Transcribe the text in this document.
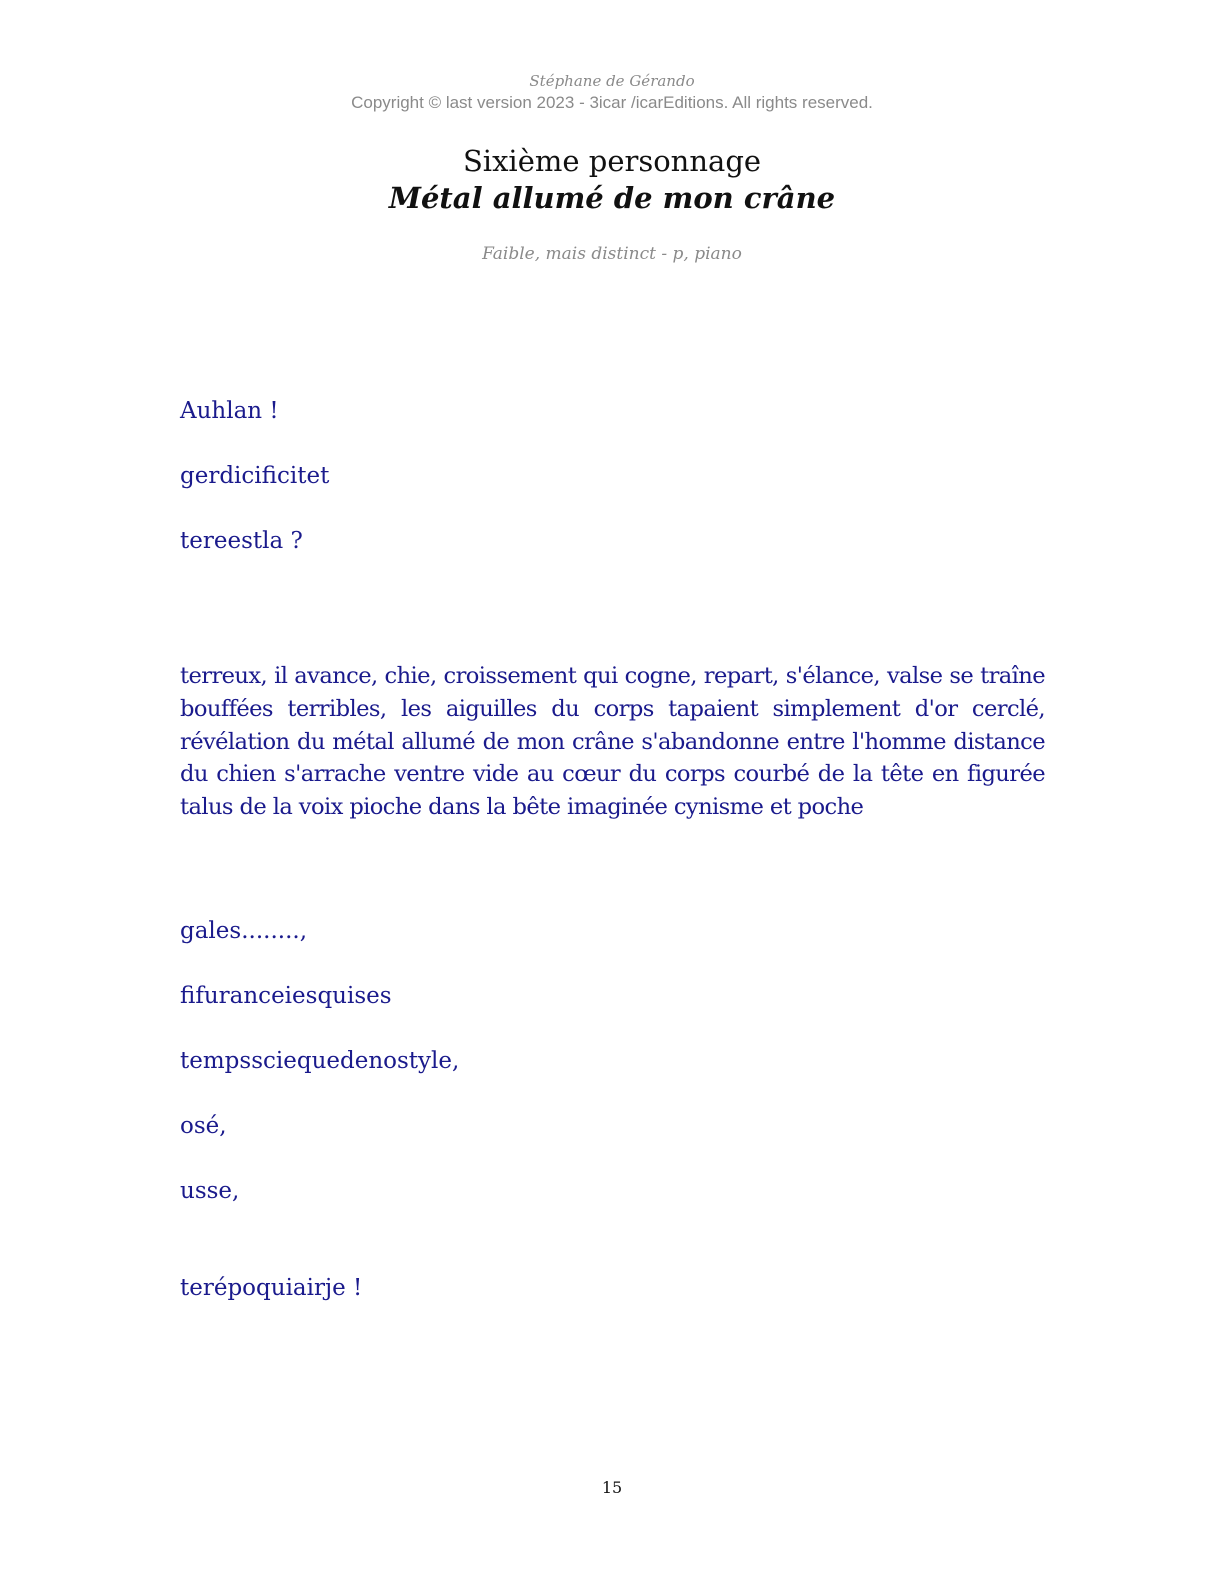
Stéphane de Gérando
Copyright © last version 2023 - 3icar /icarEditions. All rights reserved.
Sixième personnage
Métal allumé de mon crâne
Faible, mais distinct - p, piano
Auhlan !
gerdicificitet
tereestla ?
terreux, il avance, chie, croissement qui cogne, repart, s'élance, valse se traîne bouffées terribles, les aiguilles du corps tapaient simplement d'or cerclé, révélation du métal allumé de mon crâne s'abandonne entre l'homme distance du chien s'arrache ventre vide au cœur du corps courbé de la tête en figurée talus de la voix pioche dans la bête imaginée cynisme et poche
gales........,
fifuranceiesquises
tempssciequedenostyle,
osé,
usse,
terépoquiairje !
15
